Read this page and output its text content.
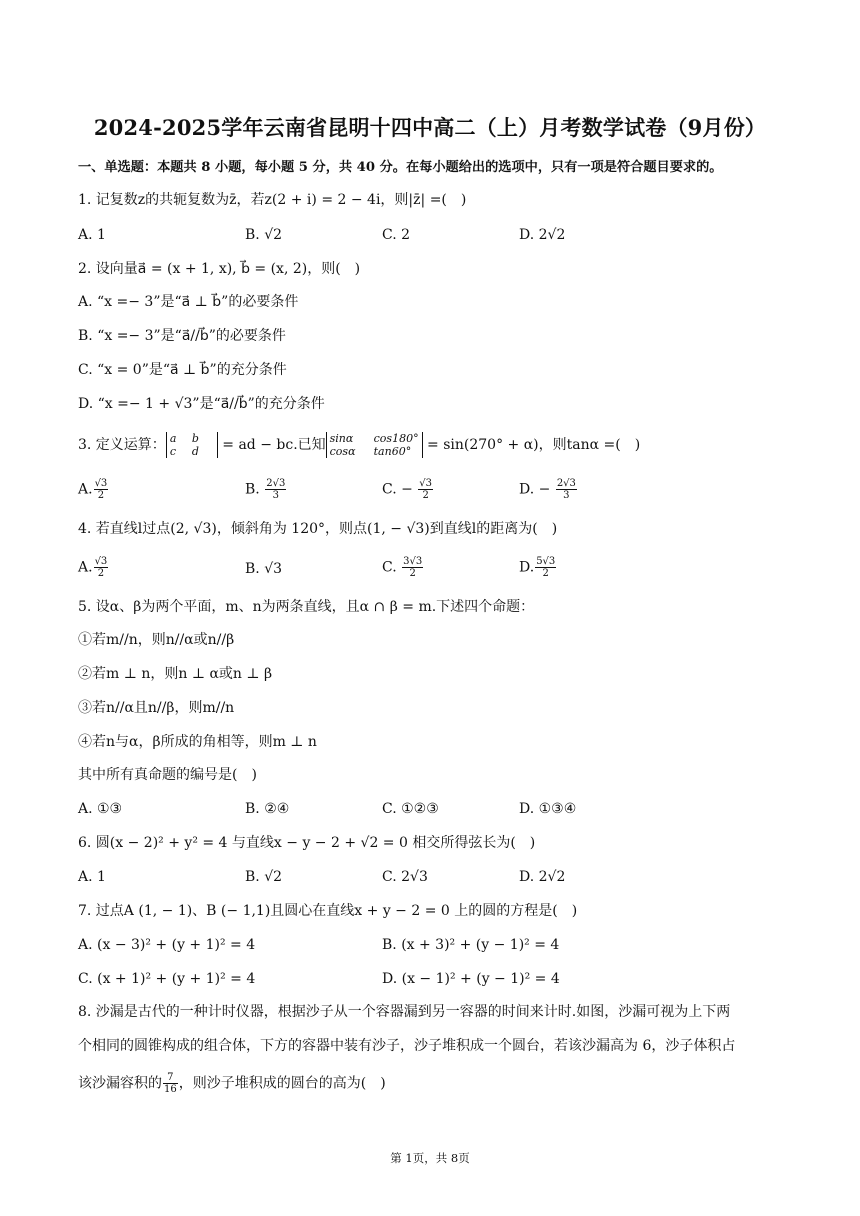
2024-2025学年云南省昆明十四中高二（上）月考数学试卷（9月份）
一、单选题：本题共 8 小题，每小题 5 分，共 40 分。在每小题给出的选项中，只有一项是符合题目要求的。
1. 记复数z的共轭复数为z̄，若z(2 + i) = 2 − 4i，则|z̄| =(　)
A. 1	B. √2	C. 2	D. 2√2
2. 设向量a⃗ = (x + 1, x), b⃗ = (x, 2)，则(　)
A. “x =− 3”是“a⃗ ⊥ b⃗”的必要条件
B. “x =− 3”是“a⃗//b⃗”的必要条件
C. “x = 0”是“a⃗ ⊥ b⃗”的充分条件
D. “x =− 1 + √3”是“a⃗//b⃗”的充分条件
3. 定义运算： a b
c d = ad − bc.已知 sinα cos180°
cosα tan60° = sin(270° + α)，则tanα =(　)
A. $\frac{√3}{2}$	B. $\frac{2√3}{3}$	C. − $\frac{√3}{2}$	D. − $\frac{2√3}{3}$
4. 若直线l过点(2, √3)，倾斜角为 120°，则点(1, − √3)到直线l的距离为(　)
A. $\frac{√3}{2}$	B. √3	C. $\frac{3√3}{2}$	D. $\frac{5√3}{2}$
5. 设α、β为两个平面，m、n为两条直线，且α ∩ β = m.下述四个命题：
①若m//n，则n//α或n//β
②若m ⊥ n，则n ⊥ α或n ⊥ β
③若n//α且n//β，则m//n
④若n与α，β所成的角相等，则m ⊥ n
其中所有真命题的编号是(　)
A. ①③	B. ②④	C. ①②③	D. ①③④
6. 圆(x − 2)² + y² = 4 与直线x − y − 2 + √2 = 0 相交所得弦长为(　)
A. 1	B. √2	C. 2√3	D. 2√2
7. 过点A (1, − 1)、B (− 1,1)且圆心在直线x + y − 2 = 0 上的圆的方程是(　)
A. (x − 3)² + (y + 1)² = 4	B. (x + 3)² + (y − 1)² = 4
C. (x + 1)² + (y + 1)² = 4	D. (x − 1)² + (y − 1)² = 4
8. 沙漏是古代的一种计时仪器，根据沙子从一个容器漏到另一容器的时间来计时.如图，沙漏可视为上下两
个相同的圆锥构成的组合体，下方的容器中装有沙子，沙子堆积成一个圆台，若该沙漏高为 6，沙子体积占
该沙漏容积的 $\frac{7}{16}$ ，则沙子堆积成的圆台的高为(　)
第 1页，共 8页
